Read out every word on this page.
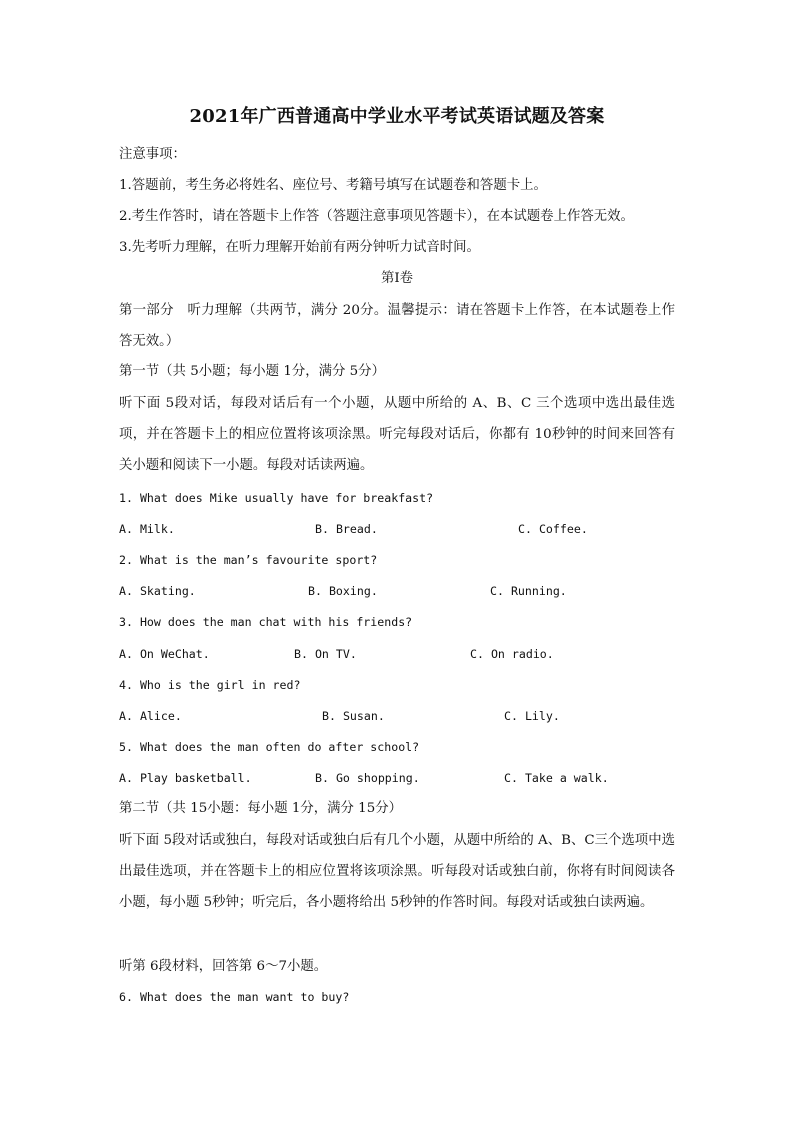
2021年广西普通高中学业水平考试英语试题及答案
注意事项：
1.答题前，考生务必将姓名、座位号、考籍号填写在试题卷和答题卡上。
2.考生作答时，请在答题卡上作答（答题注意事项见答题卡），在本试题卷上作答无效。
3.先考听力理解，在听力理解开始前有两分钟听力试音时间。
第Ⅰ卷
第一部分　听力理解（共两节，满分 20分。温馨提示：请在答题卡上作答，在本试题卷上作答无效。）
第一节（共 5小题；每小题 1分，满分 5分）
听下面 5段对话，每段对话后有一个小题，从题中所给的 A、B、C 三个选项中选出最佳选项，并在答题卡上的相应位置将该项涂黑。听完每段对话后，你都有 10秒钟的时间来回答有关小题和阅读下一小题。每段对话读两遍。
1. What does Mike usually have for breakfast?
A. Milk.	B. Bread.	C. Coffee.
2. What is the man’s favourite sport?
A. Skating.	B. Boxing.	C. Running.
3. How does the man chat with his friends?
A. On WeChat.	B. On TV.	C. On radio.
4. Who is the girl in red?
A. Alice.	B. Susan.	C. Lily.
5. What does the man often do after school?
A. Play basketball.	B. Go shopping.	C. Take a walk.
第二节（共 15小题：每小题 1分，满分 15分）
听下面 5段对话或独白，每段对话或独白后有几个小题，从题中所给的 A、B、C三个选项中选出最佳选项，并在答题卡上的相应位置将该项涂黑。听每段对话或独白前，你将有时间阅读各小题，每小题 5秒钟；听完后，各小题将给出 5秒钟的作答时间。每段对话或独白读两遍。
听第 6段材料，回答第 6～7小题。
6. What does the man want to buy?
